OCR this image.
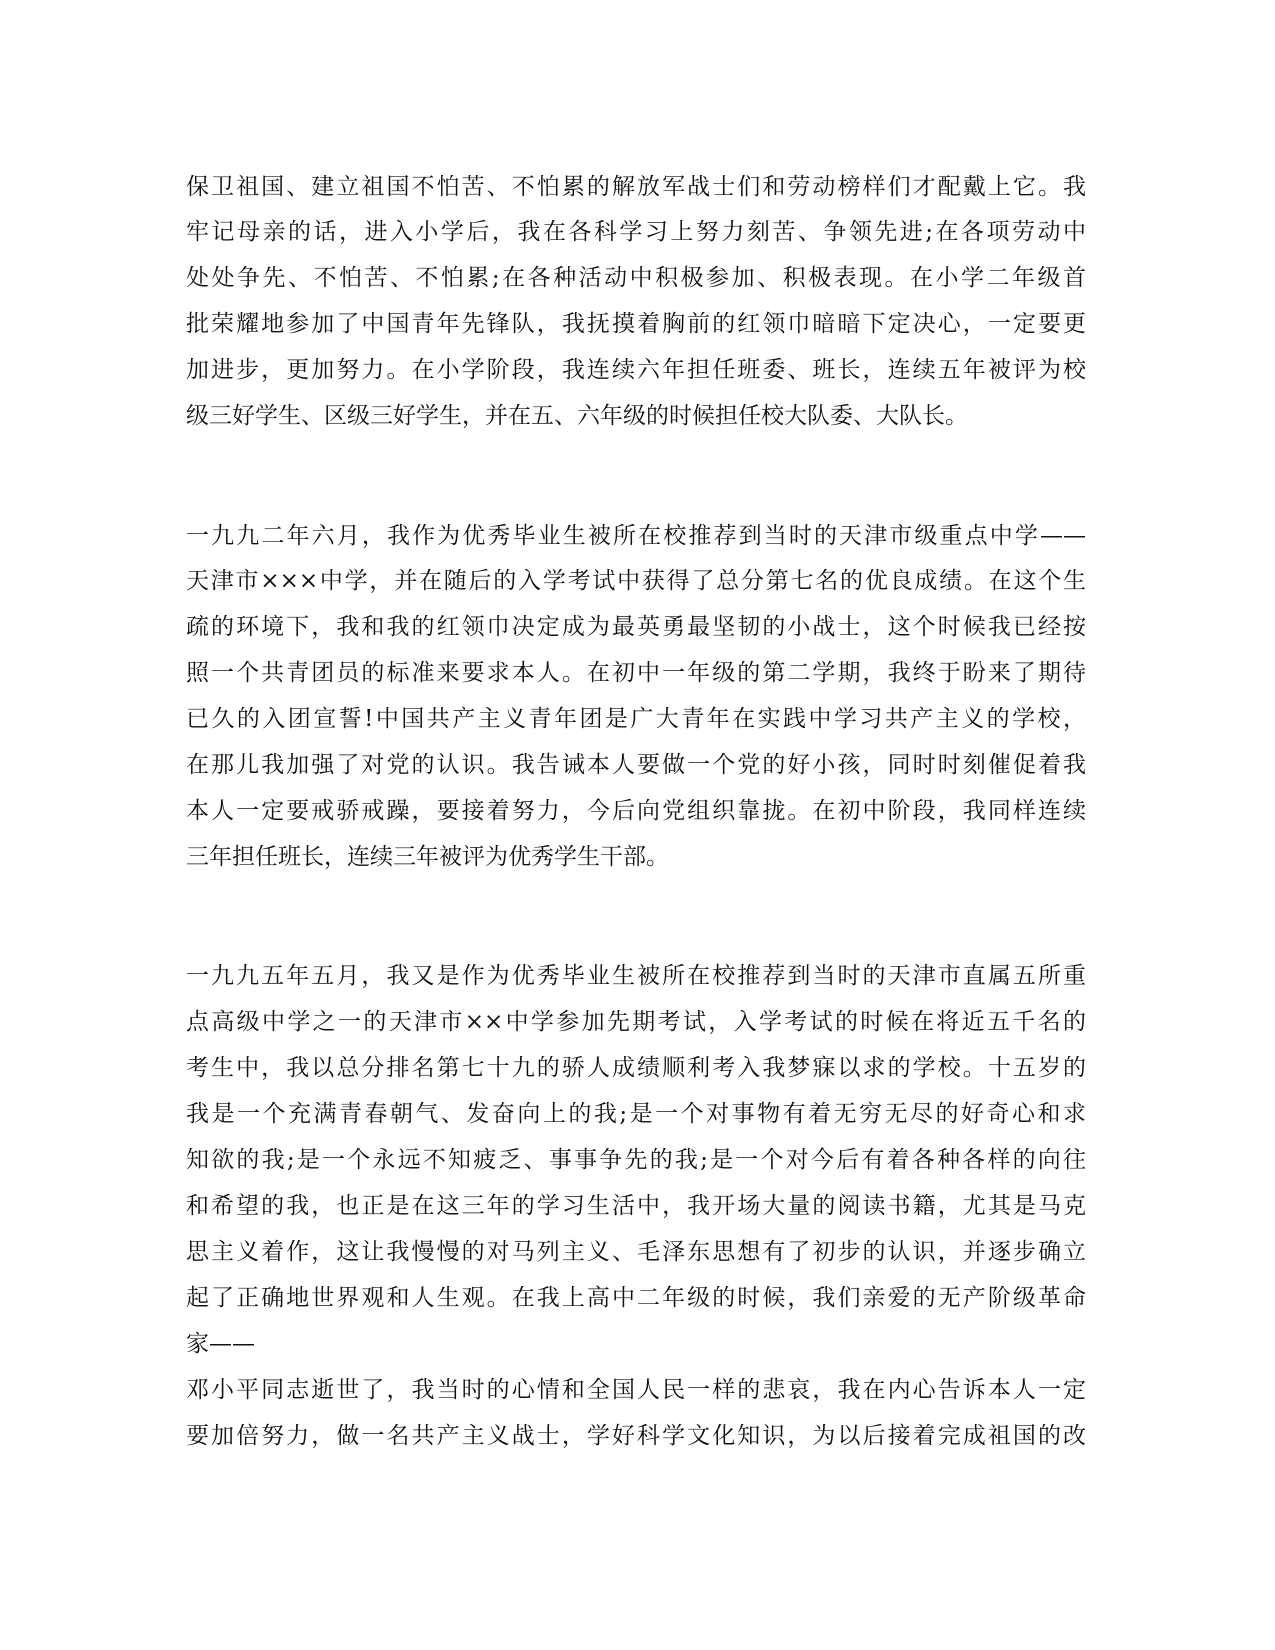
保卫祖国、建立祖国不怕苦、不怕累的解放军战士们和劳动榜样们才配戴上它。我
牢记母亲的话，进入小学后，我在各科学习上努力刻苦、争领先进;在各项劳动中
处处争先、不怕苦、不怕累;在各种活动中积极参加、积极表现。在小学二年级首
批荣耀地参加了中国青年先锋队，我抚摸着胸前的红领巾暗暗下定决心，一定要更
加进步，更加努力。在小学阶段，我连续六年担任班委、班长，连续五年被评为校
级三好学生、区级三好学生，并在五、六年级的时候担任校大队委、大队长。
一九九二年六月，我作为优秀毕业生被所在校推荐到当时的天津市级重点中学——
天津市×××中学，并在随后的入学考试中获得了总分第七名的优良成绩。在这个生
疏的环境下，我和我的红领巾决定成为最英勇最坚韧的小战士，这个时候我已经按
照一个共青团员的标准来要求本人。在初中一年级的第二学期，我终于盼来了期待
已久的入团宣誓!中国共产主义青年团是广大青年在实践中学习共产主义的学校，
在那儿我加强了对党的认识。我告诫本人要做一个党的好小孩，同时时刻催促着我
本人一定要戒骄戒躁，要接着努力，今后向党组织靠拢。在初中阶段，我同样连续
三年担任班长，连续三年被评为优秀学生干部。
一九九五年五月，我又是作为优秀毕业生被所在校推荐到当时的天津市直属五所重
点高级中学之一的天津市××中学参加先期考试，入学考试的时候在将近五千名的
考生中，我以总分排名第七十九的骄人成绩顺利考入我梦寐以求的学校。十五岁的
我是一个充满青春朝气、发奋向上的我;是一个对事物有着无穷无尽的好奇心和求
知欲的我;是一个永远不知疲乏、事事争先的我;是一个对今后有着各种各样的向往
和希望的我，也正是在这三年的学习生活中，我开场大量的阅读书籍，尤其是马克
思主义着作，这让我慢慢的对马列主义、毛泽东思想有了初步的认识，并逐步确立
起了正确地世界观和人生观。在我上高中二年级的时候，我们亲爱的无产阶级革命
家——
邓小平同志逝世了，我当时的心情和全国人民一样的悲哀，我在内心告诉本人一定
要加倍努力，做一名共产主义战士，学好科学文化知识，为以后接着完成祖国的改
